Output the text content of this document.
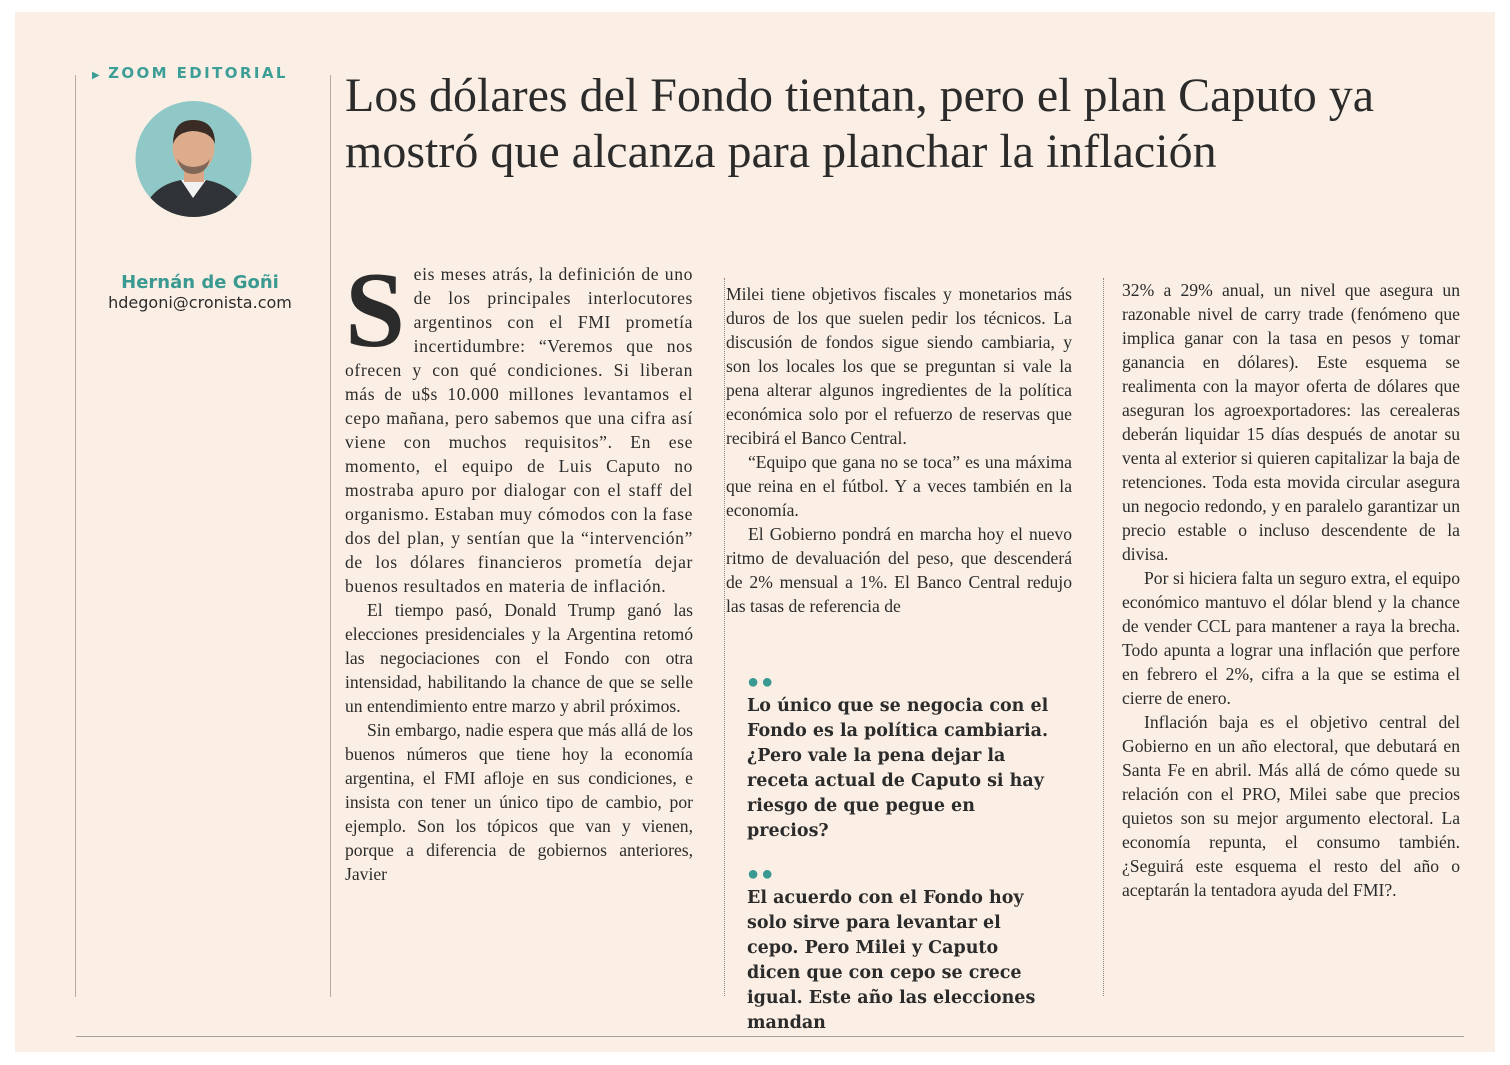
▶ ZOOM EDITORIAL
Hernán de Goñi
hdegoni@cronista.com
Los dólares del Fondo tientan, pero el plan Caputo ya mostró que alcanza para planchar la inflación

Seis meses atrás, la definición de uno de los principales interlocutores argentinos con el FMI prometía incertidumbre: “Veremos que nos ofrecen y con qué condiciones. Si liberan más de u$s 10.000 millones levantamos el cepo mañana, pero sabemos que una cifra así viene con muchos requisitos”. En ese momento, el equipo de Luis Caputo no mostraba apuro por dialogar con el staff del organismo. Estaban muy cómodos con la fase dos del plan, y sentían que la “intervención” de los dólares financieros prometía dejar buenos resultados en materia de inflación.

El tiempo pasó, Donald Trump ganó las elecciones presidenciales y la Argentina retomó las negociaciones con el Fondo con otra intensidad, habilitando la chance de que se selle un entendimiento entre marzo y abril próximos.

Sin embargo, nadie espera que más allá de los buenos números que tiene hoy la economía argentina, el FMI afloje en sus condiciones, e insista con tener un único tipo de cambio, por ejemplo. Son los tópicos que van y vienen, porque a diferencia de gobiernos anteriores, Javier

Milei tiene objetivos fiscales y monetarios más duros de los que suelen pedir los técnicos. La discusión de fondos sigue siendo cambiaria, y son los locales los que se preguntan si vale la pena alterar algunos ingredientes de la política económica solo por el refuerzo de reservas que recibirá el Banco Central.

“Equipo que gana no se toca” es una máxima que reina en el fútbol. Y a veces también en la economía.

El Gobierno pondrá en marcha hoy el nuevo ritmo de devaluación del peso, que descenderá de 2% mensual a 1%. El Banco Central redujo las tasas de referencia de

●●

Lo único que se negocia con el Fondo es la política cambiaria. ¿Pero vale la pena dejar la receta actual de Caputo si hay riesgo de que pegue en precios?

●●

El acuerdo con el Fondo hoy solo sirve para levantar el cepo. Pero Milei y Caputo dicen que con cepo se crece igual. Este año las elecciones mandan

32% a 29% anual, un nivel que asegura un razonable nivel de carry trade (fenómeno que implica ganar con la tasa en pesos y tomar ganancia en dólares). Este esquema se realimenta con la mayor oferta de dólares que aseguran los agroexportadores: las cerealeras deberán liquidar 15 días después de anotar su venta al exterior si quieren capitalizar la baja de retenciones. Toda esta movida circular asegura un negocio redondo, y en paralelo garantizar un precio estable o incluso descendente de la divisa.

Por si hiciera falta un seguro extra, el equipo económico mantuvo el dólar blend y la chance de vender CCL para mantener a raya la brecha. Todo apunta a lograr una inflación que perfore en febrero el 2%, cifra a la que se estima el cierre de enero.

Inflación baja es el objetivo central del Gobierno en un año electoral, que debutará en Santa Fe en abril. Más allá de cómo quede su relación con el PRO, Milei sabe que precios quietos son su mejor argumento electoral. La economía repunta, el consumo también. ¿Seguirá este esquema el resto del año o aceptarán la tentadora ayuda del FMI?.
